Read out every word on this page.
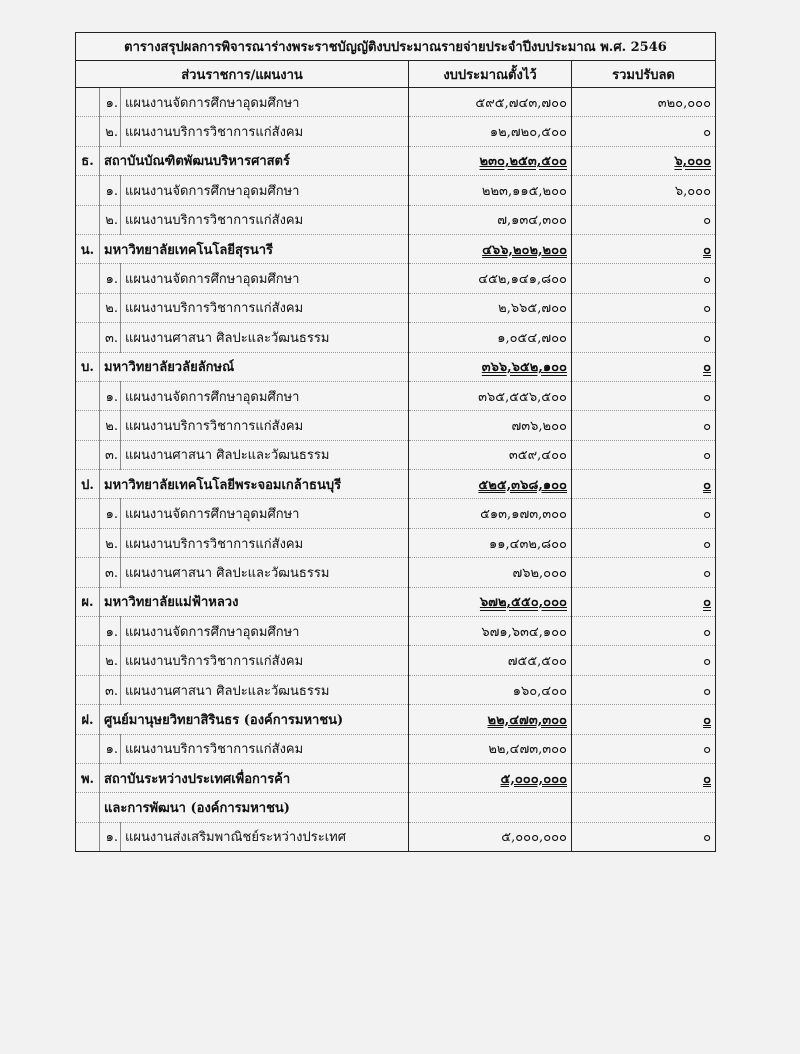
ตารางสรุปผลการพิจารณาร่างพระราชบัญญัติงบประมาณรายจ่ายประจำปีงบประมาณ พ.ศ. 2546				
ส่วนราชการ/แผนงาน			งบประมาณตั้งไว้	รวมปรับลด
	๑.	แผนงานจัดการศึกษาอุดมศึกษา	๕๙๕,๗๔๓,๗๐๐	๓๒๐,๐๐๐
	๒.	แผนงานบริการวิชาการแก่สังคม	๑๒,๗๒๐,๕๐๐	๐
ธ.	สถาบันบัณฑิตพัฒนบริหารศาสตร์		๒๓๐,๒๕๓,๕๐๐	๖,๐๐๐
	๑.	แผนงานจัดการศึกษาอุดมศึกษา	๒๒๓,๑๑๕,๒๐๐	๖,๐๐๐
	๒.	แผนงานบริการวิชาการแก่สังคม	๗,๑๓๔,๓๐๐	๐
น.	มหาวิทยาลัยเทคโนโลยีสุรนารี		๔๖๖,๒๐๒,๒๐๐	๐
	๑.	แผนงานจัดการศึกษาอุดมศึกษา	๔๕๒,๑๔๑,๘๐๐	๐
	๒.	แผนงานบริการวิชาการแก่สังคม	๒,๖๖๕,๗๐๐	๐
	๓.	แผนงานศาสนา ศิลปะและวัฒนธรรม	๑,๐๕๔,๗๐๐	๐
บ.	มหาวิทยาลัยวลัยลักษณ์		๓๖๖,๖๕๒,๑๐๐	๐
	๑.	แผนงานจัดการศึกษาอุดมศึกษา	๓๖๕,๕๕๖,๕๐๐	๐
	๒.	แผนงานบริการวิชาการแก่สังคม	๗๓๖,๒๐๐	๐
	๓.	แผนงานศาสนา ศิลปะและวัฒนธรรม	๓๕๙,๔๐๐	๐
ป.	มหาวิทยาลัยเทคโนโลยีพระจอมเกล้าธนบุรี		๕๒๕,๓๖๘,๑๐๐	๐
	๑.	แผนงานจัดการศึกษาอุดมศึกษา	๕๑๓,๑๗๓,๓๐๐	๐
	๒.	แผนงานบริการวิชาการแก่สังคม	๑๑,๔๓๒,๘๐๐	๐
	๓.	แผนงานศาสนา ศิลปะและวัฒนธรรม	๗๖๒,๐๐๐	๐
ผ.	มหาวิทยาลัยแม่ฟ้าหลวง		๖๗๒,๕๕๐,๐๐๐	๐
	๑.	แผนงานจัดการศึกษาอุดมศึกษา	๖๗๑,๖๓๔,๑๐๐	๐
	๒.	แผนงานบริการวิชาการแก่สังคม	๗๕๕,๕๐๐	๐
	๓.	แผนงานศาสนา ศิลปะและวัฒนธรรม	๑๖๐,๔๐๐	๐
ฝ.	ศูนย์มานุษยวิทยาสิรินธร (องค์การมหาชน)		๒๒,๔๗๓,๓๐๐	๐
	๑.	แผนงานบริการวิชาการแก่สังคม	๒๒,๔๗๓,๓๐๐	๐
พ.	สถาบันระหว่างประเทศเพื่อการค้า		๕,๐๐๐,๐๐๐	๐
	และการพัฒนา (องค์การมหาชน)			
	๑.	แผนงานส่งเสริมพาณิชย์ระหว่างประเทศ	๕,๐๐๐,๐๐๐	๐
